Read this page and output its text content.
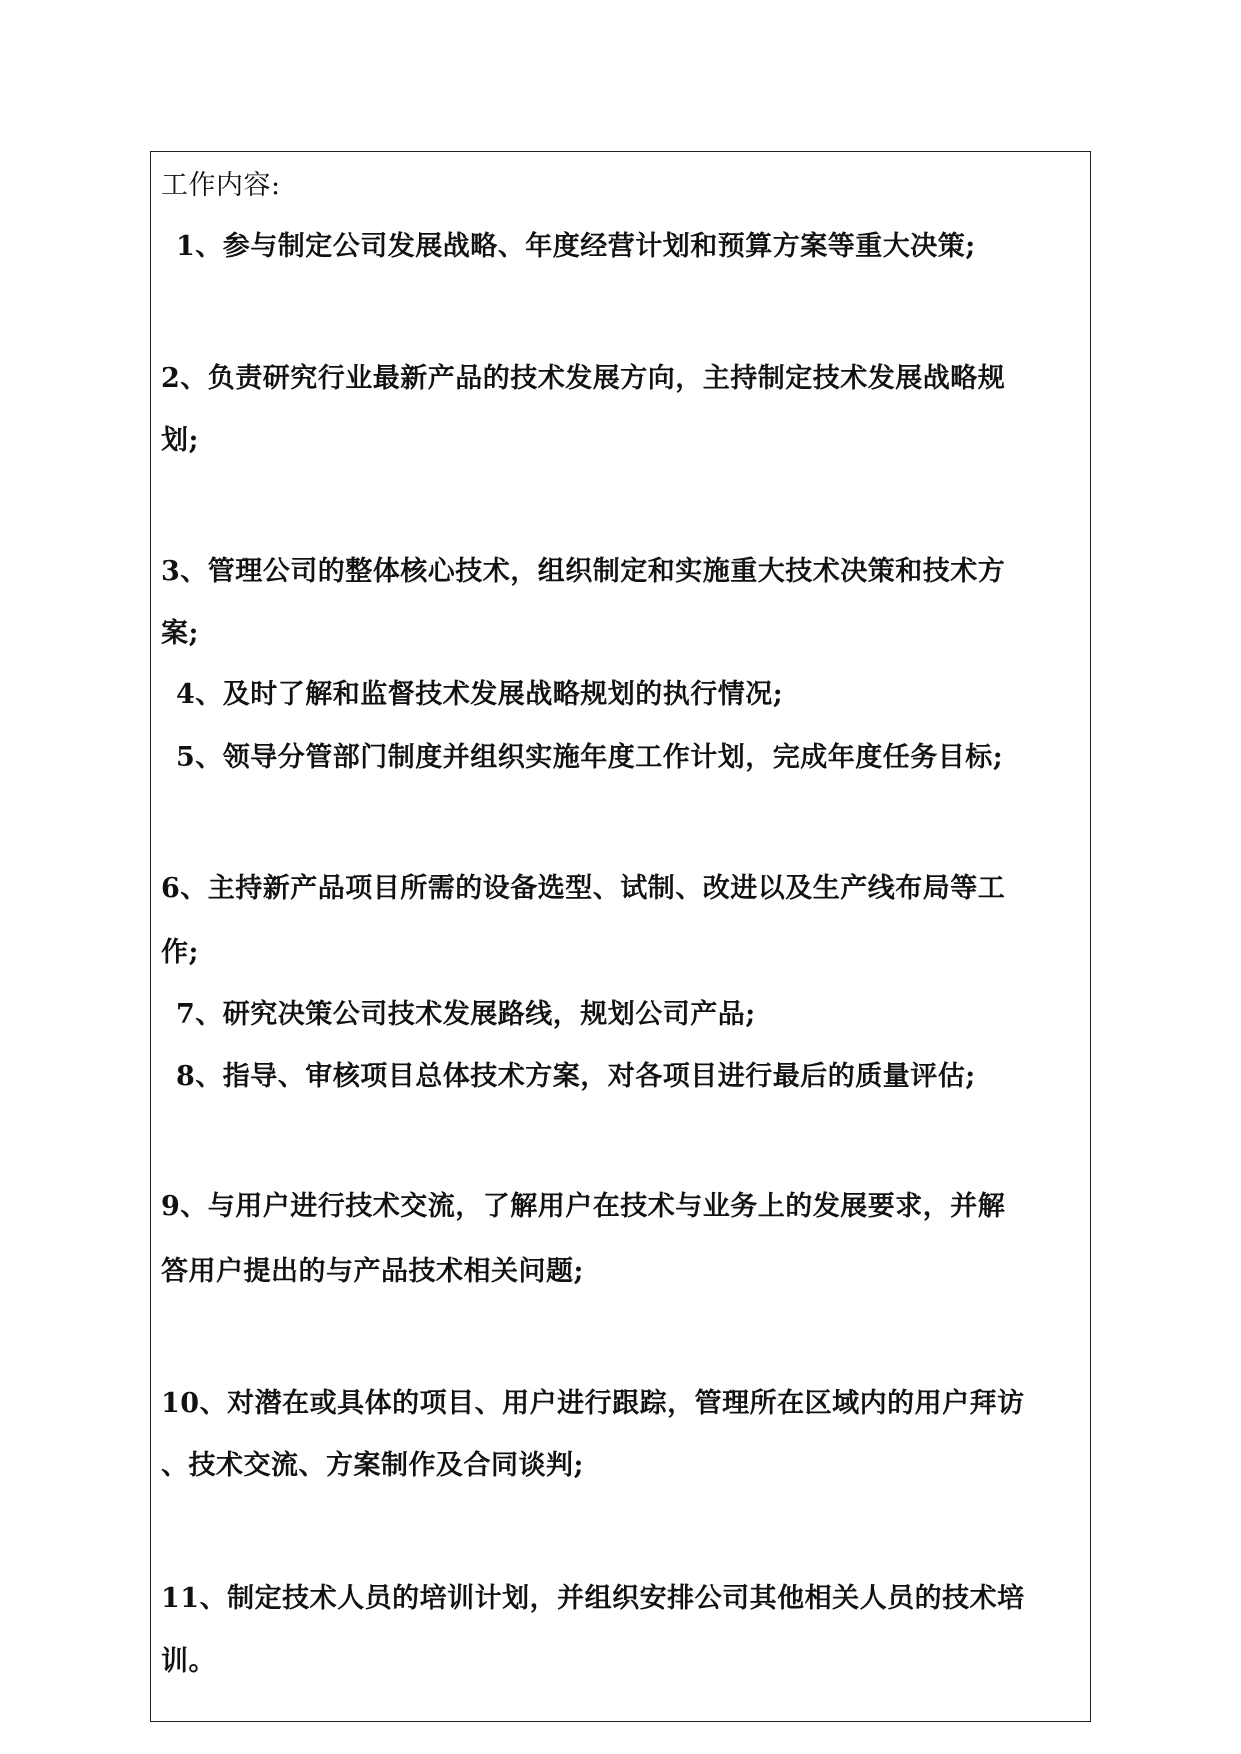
工作内容:
1、参与制定公司发展战略、年度经营计划和预算方案等重大决策;
2、负责研究行业最新产品的技术发展方向，主持制定技术发展战略规
划;
3、管理公司的整体核心技术，组织制定和实施重大技术决策和技术方
案;
4、及时了解和监督技术发展战略规划的执行情况;
5、领导分管部门制度并组织实施年度工作计划，完成年度任务目标;
6、主持新产品项目所需的设备选型、试制、改进以及生产线布局等工
作;
7、研究决策公司技术发展路线，规划公司产品;
8、指导、审核项目总体技术方案，对各项目进行最后的质量评估;
9、与用户进行技术交流，了解用户在技术与业务上的发展要求，并解
答用户提出的与产品技术相关问题;
10、对潜在或具体的项目、用户进行跟踪，管理所在区域内的用户拜访
、技术交流、方案制作及合同谈判;
11、制定技术人员的培训计划，并组织安排公司其他相关人员的技术培
训。
